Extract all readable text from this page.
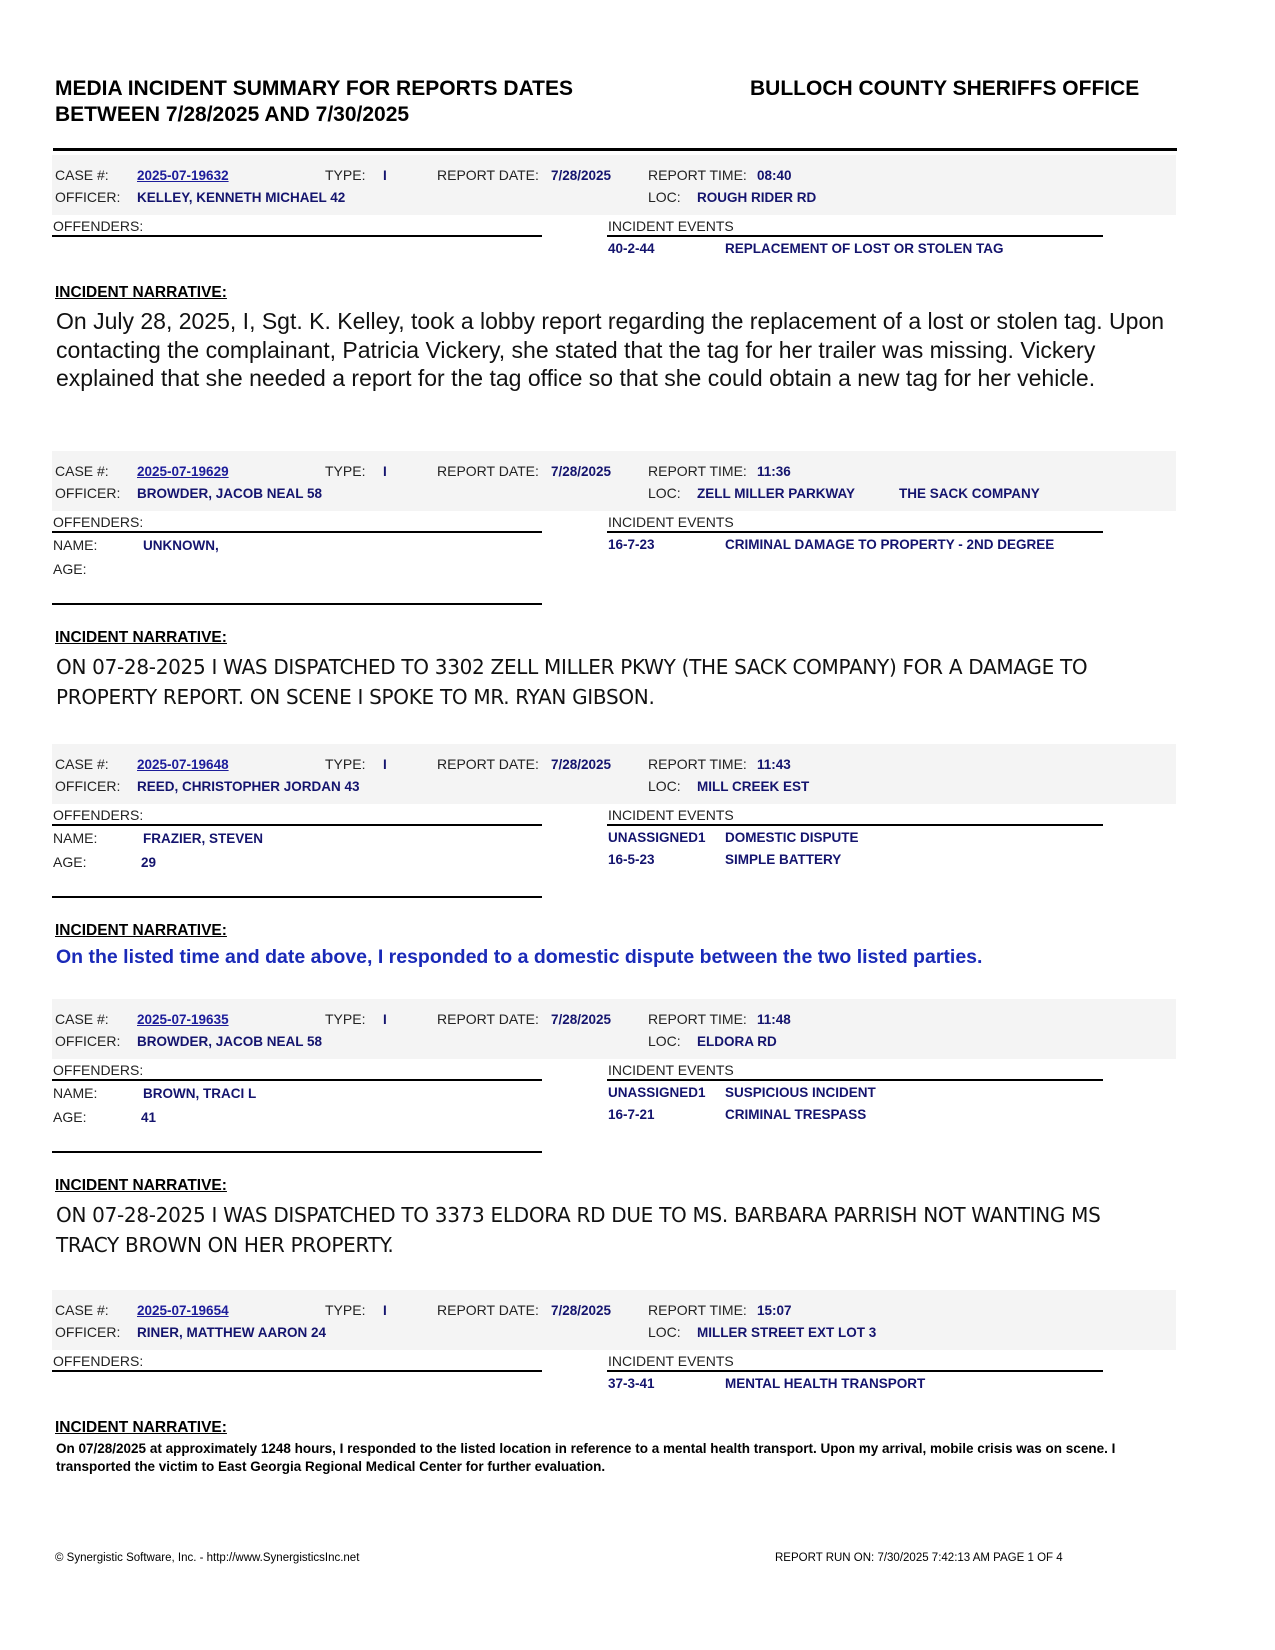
MEDIA INCIDENT SUMMARY FOR REPORTS DATES
BETWEEN 7/28/2025 AND 7/30/2025
BULLOCH COUNTY SHERIFFS OFFICE
CASE #: 2025-07-19632	TYPE: I	REPORT DATE: 7/28/2025	REPORT TIME: 08:40
OFFICER: KELLEY, KENNETH MICHAEL 42	LOC: ROUGH RIDER RD
OFFENDERS:	INCIDENT EVENTS
40-2-44	REPLACEMENT OF LOST OR STOLEN TAG
INCIDENT NARRATIVE:
On July 28, 2025, I, Sgt. K. Kelley, took a lobby report regarding the replacement of a lost or stolen tag. Upon contacting the complainant, Patricia Vickery, she stated that the tag for her trailer was missing. Vickery explained that she needed a report for the tag office so that she could obtain a new tag for her vehicle.
CASE #: 2025-07-19629	TYPE: I	REPORT DATE: 7/28/2025	REPORT TIME: 11:36
OFFICER: BROWDER, JACOB NEAL 58	LOC: ZELL MILLER PARKWAY	THE SACK COMPANY
OFFENDERS:
NAME:	UNKNOWN,
AGE:
INCIDENT EVENTS
16-7-23	CRIMINAL DAMAGE TO PROPERTY - 2ND DEGREE
INCIDENT NARRATIVE:
ON 07-28-2025 I WAS DISPATCHED TO 3302 ZELL MILLER PKWY (THE SACK COMPANY) FOR A DAMAGE TO PROPERTY REPORT. ON SCENE I SPOKE TO MR. RYAN GIBSON.
CASE #: 2025-07-19648	TYPE: I	REPORT DATE: 7/28/2025	REPORT TIME: 11:43
OFFICER: REED, CHRISTOPHER JORDAN 43	LOC: MILL CREEK EST
OFFENDERS:
NAME:	FRAZIER, STEVEN
AGE:	29
INCIDENT EVENTS
UNASSIGNED1 DOMESTIC DISPUTE
16-5-23	SIMPLE BATTERY
INCIDENT NARRATIVE:
On the listed time and date above, I responded to a domestic dispute between the two listed parties.
CASE #: 2025-07-19635	TYPE: I	REPORT DATE: 7/28/2025	REPORT TIME: 11:48
OFFICER: BROWDER, JACOB NEAL 58	LOC: ELDORA RD
OFFENDERS:
NAME:	BROWN, TRACI L
AGE:	41
INCIDENT EVENTS
UNASSIGNED1 SUSPICIOUS INCIDENT
16-7-21	CRIMINAL TRESPASS
INCIDENT NARRATIVE:
ON 07-28-2025 I WAS DISPATCHED TO 3373 ELDORA RD DUE TO MS. BARBARA PARRISH NOT WANTING MS TRACY BROWN ON HER PROPERTY.
CASE #: 2025-07-19654	TYPE: I	REPORT DATE: 7/28/2025	REPORT TIME: 15:07
OFFICER: RINER, MATTHEW AARON 24	LOC: MILLER STREET EXT LOT 3
OFFENDERS:	INCIDENT EVENTS
37-3-41	MENTAL HEALTH TRANSPORT
INCIDENT NARRATIVE:
On 07/28/2025 at approximately 1248 hours, I responded to the listed location in reference to a mental health transport. Upon my arrival, mobile crisis was on scene. I transported the victim to East Georgia Regional Medical Center for further evaluation.
© Synergistic Software, Inc. - http://www.SynergisticsInc.net	REPORT RUN ON: 7/30/2025 7:42:13 AM PAGE 1 OF 4
